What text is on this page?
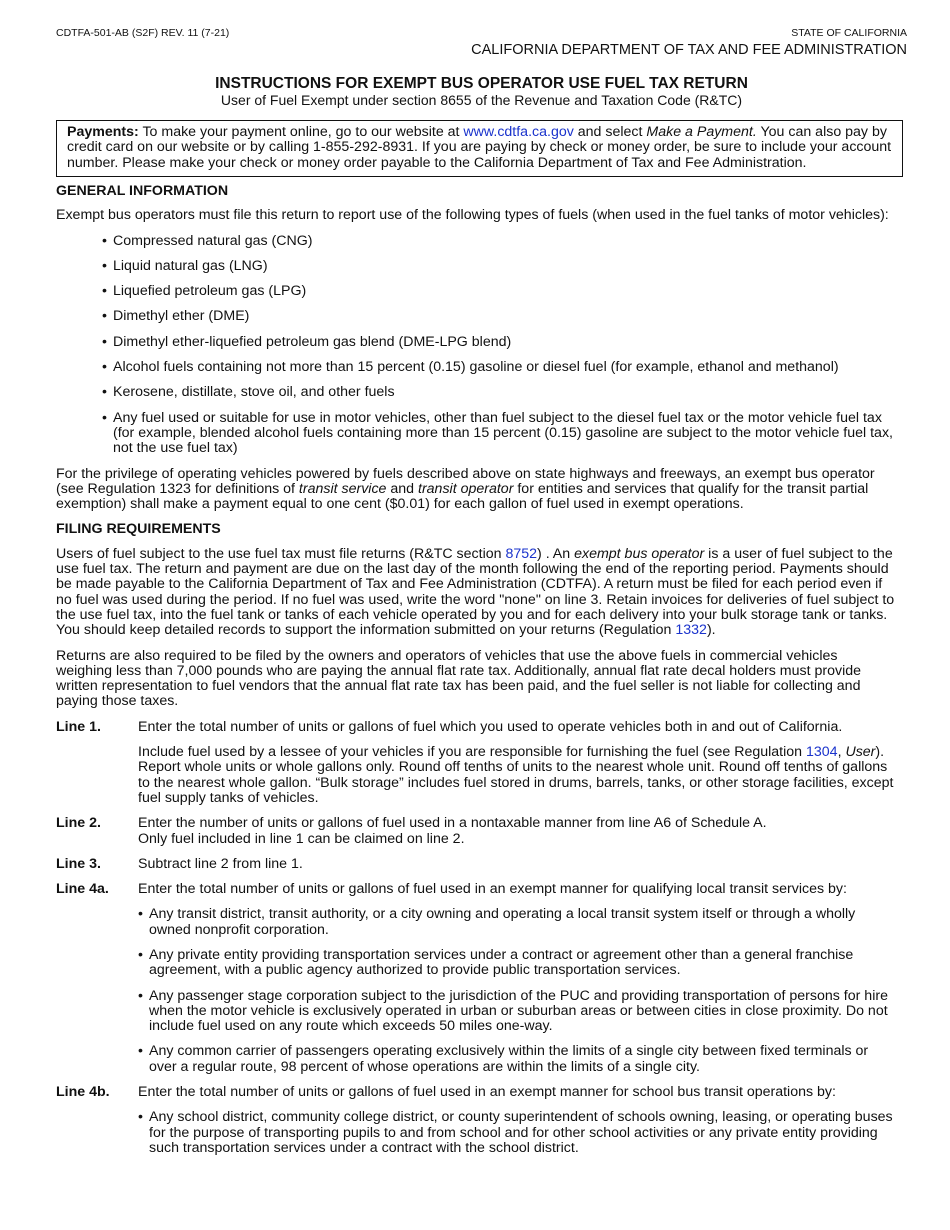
CDTFA-501-AB (S2F) REV. 11 (7-21)	STATE OF CALIFORNIA
CALIFORNIA DEPARTMENT OF TAX AND FEE ADMINISTRATION
INSTRUCTIONS FOR EXEMPT BUS OPERATOR USE FUEL TAX RETURN
User of Fuel Exempt under section 8655 of the Revenue and Taxation Code (R&TC)
Payments: To make your payment online, go to our website at www.cdtfa.ca.gov and select Make a Payment. You can also pay by credit card on our website or by calling 1-855-292-8931. If you are paying by check or money order, be sure to include your account number. Please make your check or money order payable to the California Department of Tax and Fee Administration.
GENERAL INFORMATION

Exempt bus operators must file this return to report use of the following types of fuels (when used in the fuel tanks of motor vehicles):

• Compressed natural gas (CNG)
• Liquid natural gas (LNG)
• Liquefied petroleum gas (LPG)
• Dimethyl ether (DME)
• Dimethyl ether-liquefied petroleum gas blend (DME-LPG blend)
• Alcohol fuels containing not more than 15 percent (0.15) gasoline or diesel fuel (for example, ethanol and methanol)
• Kerosene, distillate, stove oil, and other fuels
• Any fuel used or suitable for use in motor vehicles, other than fuel subject to the diesel fuel tax or the motor vehicle fuel tax (for example, blended alcohol fuels containing more than 15 percent (0.15) gasoline are subject to the motor vehicle fuel tax, not the use fuel tax)

For the privilege of operating vehicles powered by fuels described above on state highways and freeways, an exempt bus operator (see Regulation 1323 for definitions of transit service and transit operator for entities and services that qualify for the transit partial exemption) shall make a payment equal to one cent ($0.01) for each gallon of fuel used in exempt operations.

FILING REQUIREMENTS

Users of fuel subject to the use fuel tax must file returns (R&TC section 8752) . An exempt bus operator is a user of fuel subject to the use fuel tax. The return and payment are due on the last day of the month following the end of the reporting period. Payments should be made payable to the California Department of Tax and Fee Administration (CDTFA). A return must be filed for each period even if no fuel was used during the period. If no fuel was used, write the word "none" on line 3. Retain invoices for deliveries of fuel subject to the use fuel tax, into the fuel tank or tanks of each vehicle operated by you and for each delivery into your bulk storage tank or tanks. You should keep detailed records to support the information submitted on your returns (Regulation 1332).

Returns are also required to be filed by the owners and operators of vehicles that use the above fuels in commercial vehicles weighing less than 7,000 pounds who are paying the annual flat rate tax. Additionally, annual flat rate decal holders must provide written representation to fuel vendors that the annual flat rate tax has been paid, and the fuel seller is not liable for collecting and paying those taxes.

Line 1.	Enter the total number of units or gallons of fuel which you used to operate vehicles both in and out of California.
Include fuel used by a lessee of your vehicles if you are responsible for furnishing the fuel (see Regulation 1304, User). Report whole units or whole gallons only. Round off tenths of units to the nearest whole unit. Round off tenths of gallons to the nearest whole gallon. “Bulk storage” includes fuel stored in drums, barrels, tanks, or other storage facilities, except fuel supply tanks of vehicles.
Line 2.	Enter the number of units or gallons of fuel used in a nontaxable manner from line A6 of Schedule A.
Only fuel included in line 1 can be claimed on line 2.
Line 3.	Subtract line 2 from line 1.
Line 4a.	Enter the total number of units or gallons of fuel used in an exempt manner for qualifying local transit services by:
• Any transit district, transit authority, or a city owning and operating a local transit system itself or through a wholly owned nonprofit corporation.
• Any private entity providing transportation services under a contract or agreement other than a general franchise agreement, with a public agency authorized to provide public transportation services.
• Any passenger stage corporation subject to the jurisdiction of the PUC and providing transportation of persons for hire when the motor vehicle is exclusively operated in urban or suburban areas or between cities in close proximity. Do not include fuel used on any route which exceeds 50 miles one-way.
• Any common carrier of passengers operating exclusively within the limits of a single city between fixed terminals or over a regular route, 98 percent of whose operations are within the limits of a single city.
Line 4b.	Enter the total number of units or gallons of fuel used in an exempt manner for school bus transit operations by:
• Any school district, community college district, or county superintendent of schools owning, leasing, or operating buses for the purpose of transporting pupils to and from school and for other school activities or any private entity providing such transportation services under a contract with the school district.
